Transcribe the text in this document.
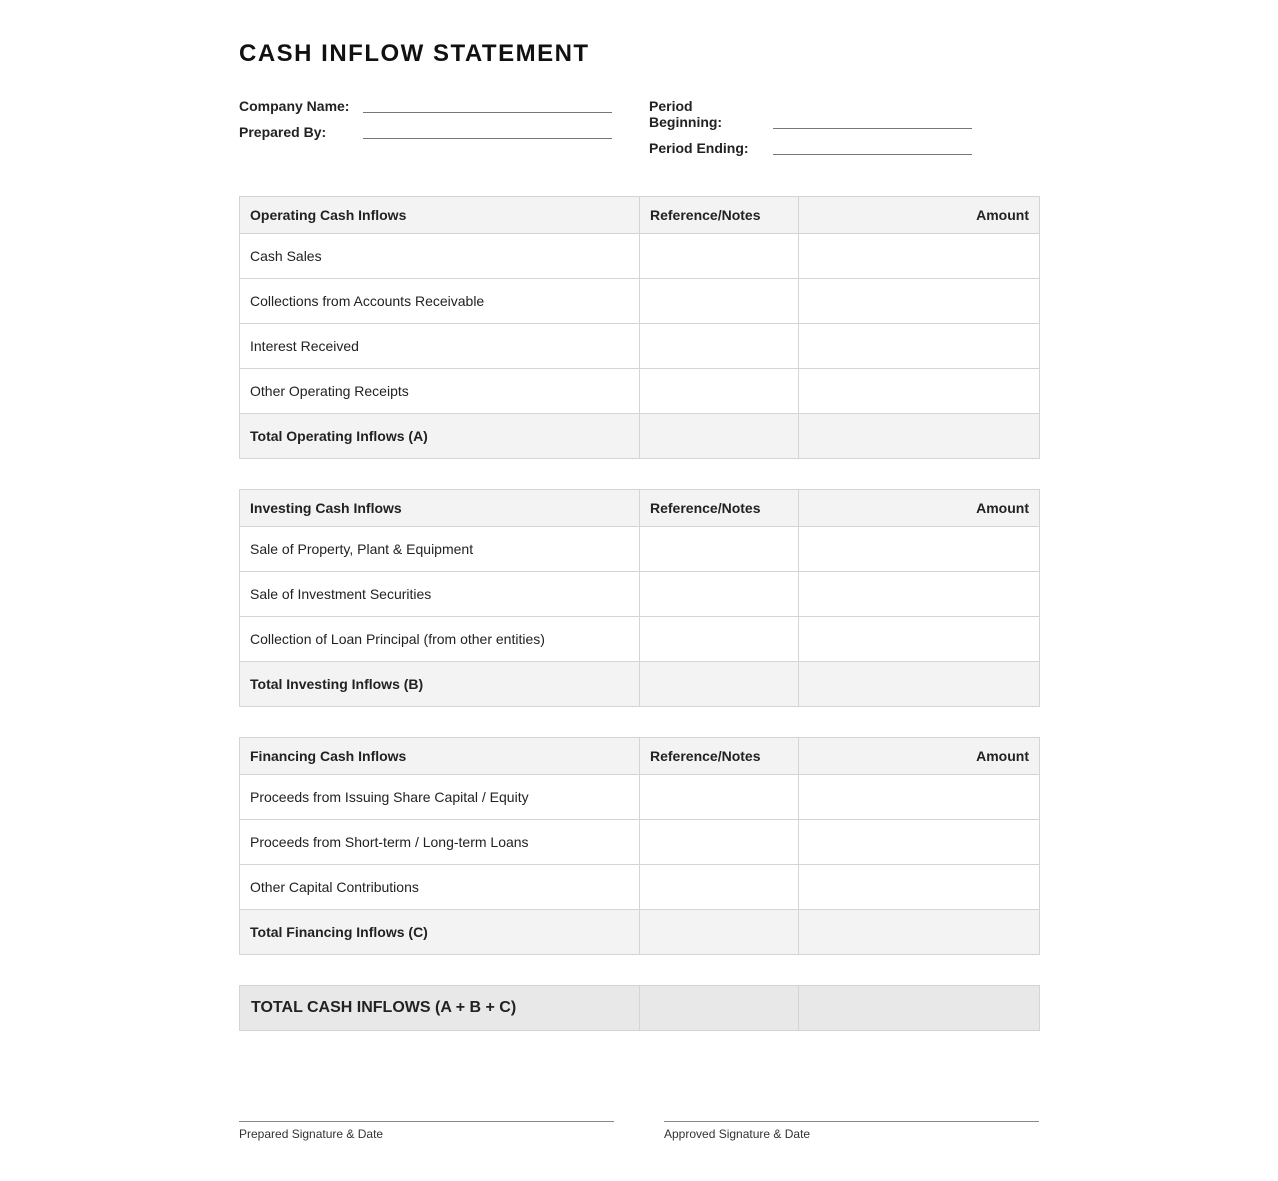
CASH INFLOW STATEMENT
Company Name:
Prepared By:
Period
Beginning:
Period Ending:
Operating Cash Inflows	Reference/Notes	Amount
Cash Sales		
Collections from Accounts Receivable		
Interest Received		
Other Operating Receipts		
Total Operating Inflows (A)		
Investing Cash Inflows	Reference/Notes	Amount
Sale of Property, Plant & Equipment		
Sale of Investment Securities		
Collection of Loan Principal (from other entities)		
Total Investing Inflows (B)		
Financing Cash Inflows	Reference/Notes	Amount
Proceeds from Issuing Share Capital / Equity		
Proceeds from Short-term / Long-term Loans		
Other Capital Contributions		
Total Financing Inflows (C)		
TOTAL CASH INFLOWS (A + B + C)		
Prepared Signature & Date	Approved Signature & Date
